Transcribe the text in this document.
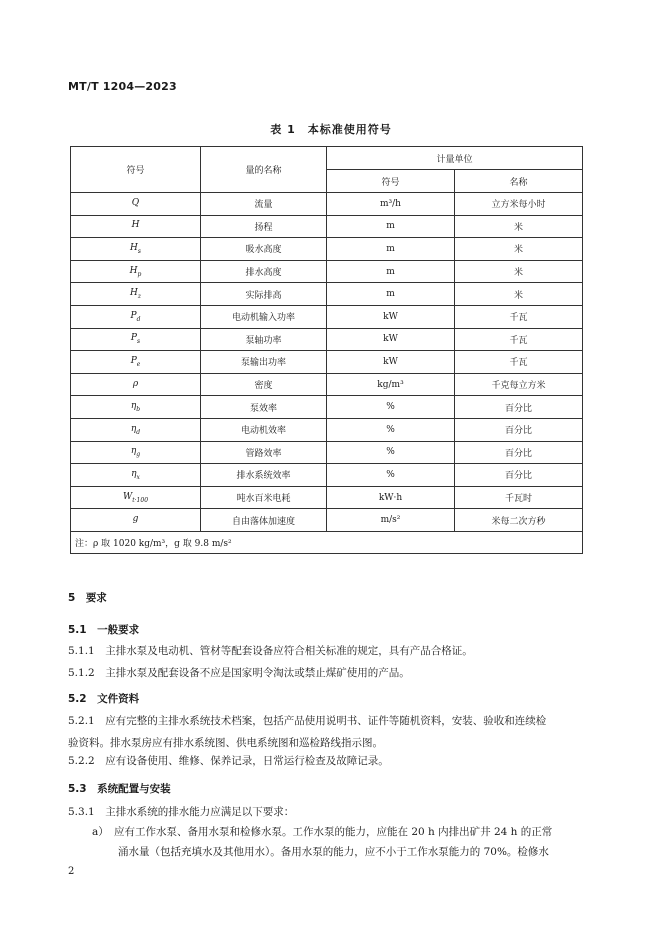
MT/T 1204—2023
表 1　本标准使用符号
符号	量的名称	计量单位	
		符号	名称
Q	流量	m³/h	立方米每小时
H	扬程	m	米
$H_s$	吸水高度	m	米
$H_p$	排水高度	m	米
$H_z$	实际排高	m	米
$P_d$	电动机输入功率	kW	千瓦
$P_s$	泵轴功率	kW	千瓦
$P_e$	泵输出功率	kW	千瓦
ρ	密度	kg/m³	千克每立方米
$\eta_b$	泵效率	%	百分比
$\eta_d$	电动机效率	%	百分比
$\eta_g$	管路效率	%	百分比
$\eta_x$	排水系统效率	%	百分比
$W_{t\cdot 100}$	吨水百米电耗	kW·h	千瓦时
g	自由落体加速度	m/s²	米每二次方秒
注：ρ 取 1020 kg/m³，g 取 9.8 m/s²			
5　 要求
5.1　 一般要求
5.1.1　 主排水泵及电动机、管材等配套设备应符合相关标准的规定，具有产品合格证。
5.1.2　 主排水泵及配套设备不应是国家明令淘汰或禁止煤矿使用的产品。
5.2　 文件资料
5.2.1　 应有完整的主排水系统技术档案，包括产品使用说明书、证件等随机资料，安装、验收和连续检
验资料。排水泵房应有排水系统图、供电系统图和巡检路线指示图。
5.2.2　 应有设备使用、维修、保养记录，日常运行检查及故障记录。
5.3　 系统配置与安装
5.3.1　 主排水系统的排水能力应满足以下要求：
a）　 应有工作水泵、备用水泵和检修水泵。工作水泵的能力，应能在 20 h 内排出矿井 24 h 的正常
涌水量（包括充填水及其他用水）。备用水泵的能力，应不小于工作水泵能力的 70%。检修水
2
